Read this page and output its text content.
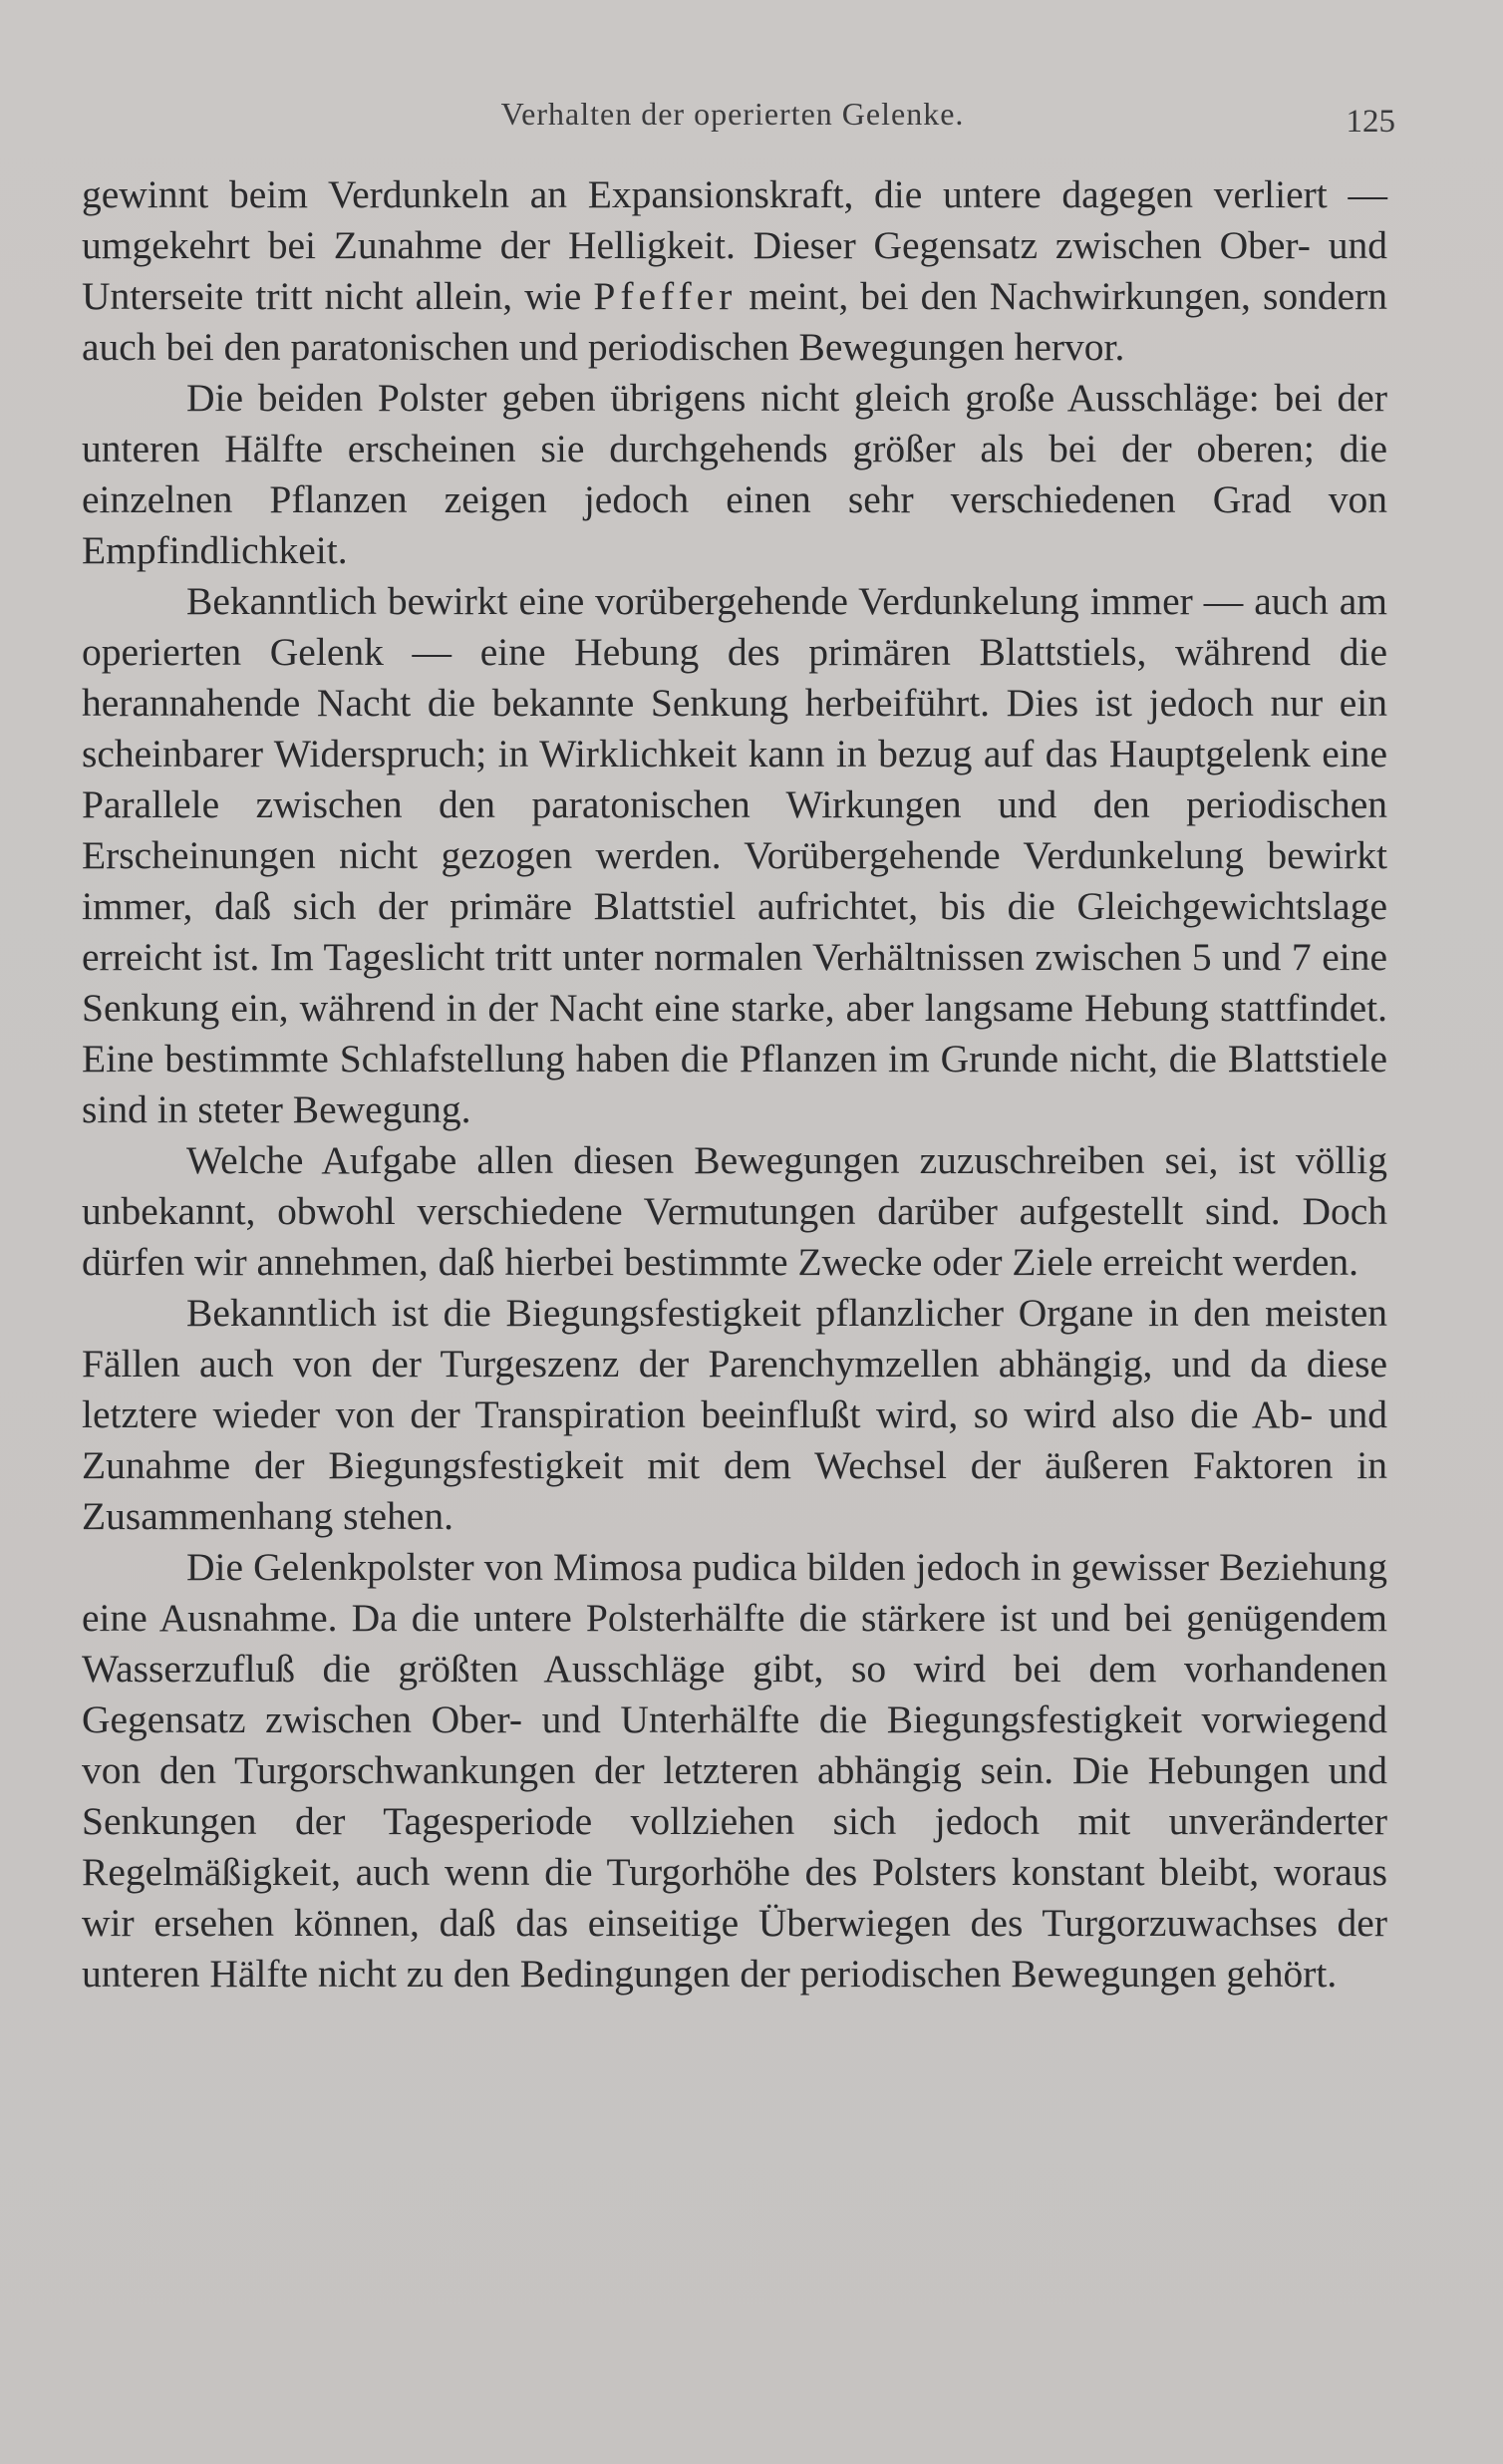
Verhalten der operierten Gelenke.	125

gewinnt beim Verdunkeln an Expansionskraft, die untere dagegen verliert — umgekehrt bei Zunahme der Helligkeit. Dieser Gegensatz zwischen Ober- und Unterseite tritt nicht allein, wie Pfeffer meint, bei den Nachwirkungen, sondern auch bei den paratonischen und periodischen Bewegungen hervor.

Die beiden Polster geben übrigens nicht gleich große Ausschläge: bei der unteren Hälfte erscheinen sie durchgehends größer als bei der oberen; die einzelnen Pflanzen zeigen jedoch einen sehr verschiedenen Grad von Empfindlichkeit.

Bekanntlich bewirkt eine vorübergehende Verdunkelung immer — auch am operierten Gelenk — eine Hebung des primären Blattstiels, während die herannahende Nacht die bekannte Senkung herbeiführt. Dies ist jedoch nur ein scheinbarer Widerspruch; in Wirklichkeit kann in bezug auf das Hauptgelenk eine Parallele zwischen den paratonischen Wirkungen und den periodischen Erscheinungen nicht gezogen werden. Vorübergehende Verdunkelung bewirkt immer, daß sich der primäre Blattstiel aufrichtet, bis die Gleichgewichtslage erreicht ist. Im Tageslicht tritt unter normalen Verhältnissen zwischen 5 und 7 eine Senkung ein, während in der Nacht eine starke, aber langsame Hebung stattfindet. Eine bestimmte Schlafstellung haben die Pflanzen im Grunde nicht, die Blattstiele sind in steter Bewegung.

Welche Aufgabe allen diesen Bewegungen zuzuschreiben sei, ist völlig unbekannt, obwohl verschiedene Vermutungen darüber aufgestellt sind. Doch dürfen wir annehmen, daß hierbei bestimmte Zwecke oder Ziele erreicht werden.

Bekanntlich ist die Biegungsfestigkeit pflanzlicher Organe in den meisten Fällen auch von der Turgeszenz der Parenchymzellen abhängig, und da diese letztere wieder von der Transpiration beeinflußt wird, so wird also die Ab- und Zunahme der Biegungsfestigkeit mit dem Wechsel der äußeren Faktoren in Zusammenhang stehen.

Die Gelenkpolster von Mimosa pudica bilden jedoch in gewisser Beziehung eine Ausnahme. Da die untere Polsterhälfte die stärkere ist und bei genügendem Wasserzufluß die größten Ausschläge gibt, so wird bei dem vorhandenen Gegensatz zwischen Ober- und Unterhälfte die Biegungsfestigkeit vorwiegend von den Turgorschwankungen der letzteren abhängig sein. Die Hebungen und Senkungen der Tagesperiode vollziehen sich jedoch mit unveränderter Regelmäßigkeit, auch wenn die Turgorhöhe des Polsters konstant bleibt, woraus wir ersehen können, daß das einseitige Überwiegen des Turgorzuwachses der unteren Hälfte nicht zu den Bedingungen der periodischen Bewegungen gehört.
